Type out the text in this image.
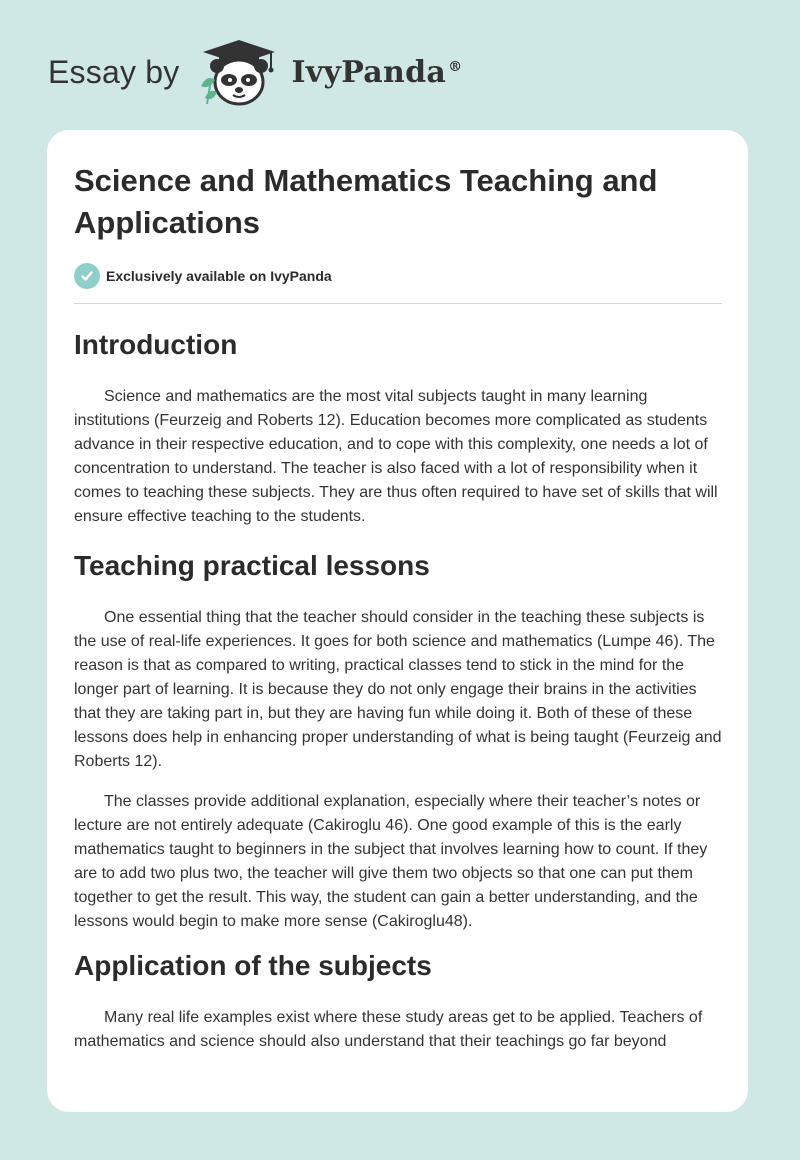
Essay by	IvyPanda ®
Science and Mathematics Teaching and Applications
Exclusively available on IvyPanda
Introduction

Science and mathematics are the most vital subjects taught in many learning institutions (Feurzeig and Roberts 12). Education becomes more complicated as students advance in their respective education, and to cope with this complexity, one needs a lot of concentration to understand. The teacher is also faced with a lot of responsibility when it comes to teaching these subjects. They are thus often required to have set of skills that will ensure effective teaching to the students.

Teaching practical lessons

One essential thing that the teacher should consider in the teaching these subjects is the use of real-life experiences. It goes for both science and mathematics (Lumpe 46). The reason is that as compared to writing, practical classes tend to stick in the mind for the longer part of learning. It is because they do not only engage their brains in the activities that they are taking part in, but they are having fun while doing it. Both of these of these lessons does help in enhancing proper understanding of what is being taught (Feurzeig and Roberts 12).

The classes provide additional explanation, especially where their teacher’s notes or lecture are not entirely adequate (Cakiroglu 46). One good example of this is the early mathematics taught to beginners in the subject that involves learning how to count. If they are to add two plus two, the teacher will give them two objects so that one can put them together to get the result. This way, the student can gain a better understanding, and the lessons would begin to make more sense (Cakiroglu48).

Application of the subjects

Many real life examples exist where these study areas get to be applied. Teachers of mathematics and science should also understand that their teachings go far beyond
